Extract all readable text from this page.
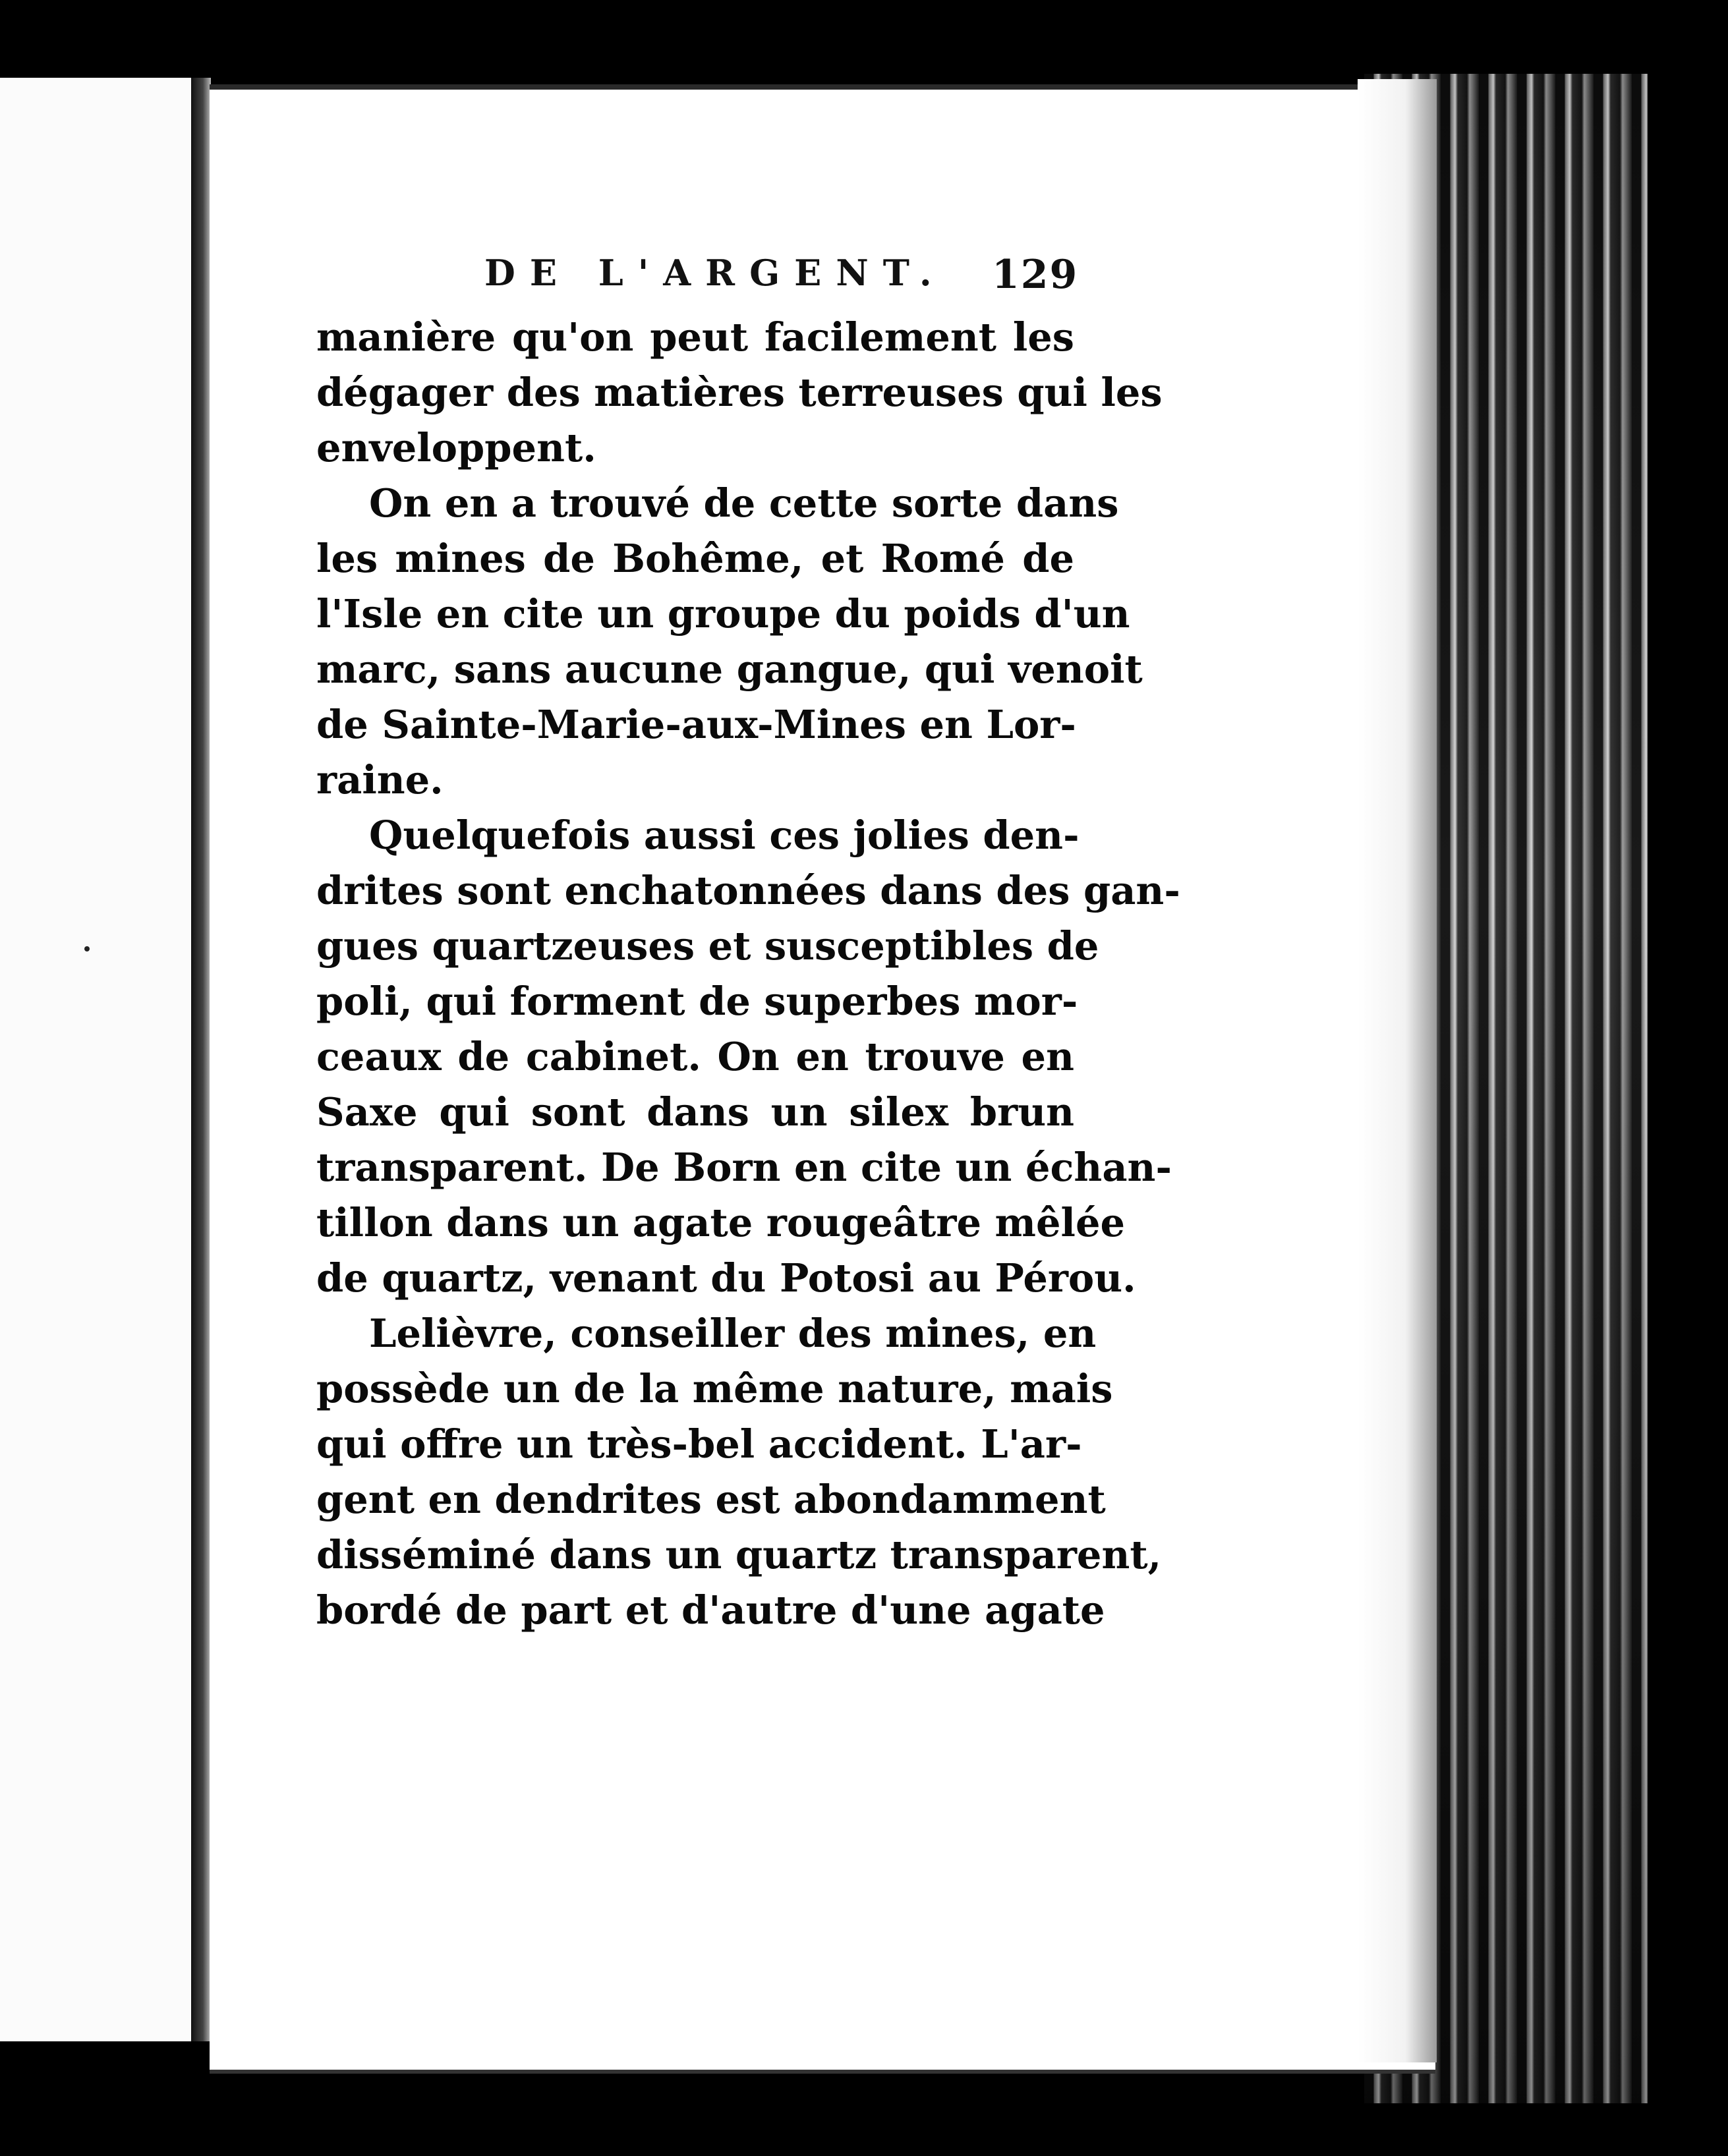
DE L'ARGENT.	129
manière qu'on peut facilement les
dégager des matières terreuses qui les
enveloppent.
On en a trouvé de cette sorte dans
les mines de Bohême, et Romé de
l'Isle en cite un groupe du poids d'un
marc, sans aucune gangue, qui venoit
de Sainte-Marie-aux-Mines en Lor-
raine.
Quelquefois aussi ces jolies den-
drites sont enchatonnées dans des gan-
gues quartzeuses et susceptibles de
poli, qui forment de superbes mor-
ceaux de cabinet. On en trouve en
Saxe qui sont dans un silex brun
transparent. De Born en cite un échan-
tillon dans un agate rougeâtre mêlée
de quartz, venant du Potosi au Pérou.
Lelièvre, conseiller des mines, en
possède un de la même nature, mais
qui offre un très-bel accident. L'ar-
gent en dendrites est abondamment
disséminé dans un quartz transparent,
bordé de part et d'autre d'une agate
